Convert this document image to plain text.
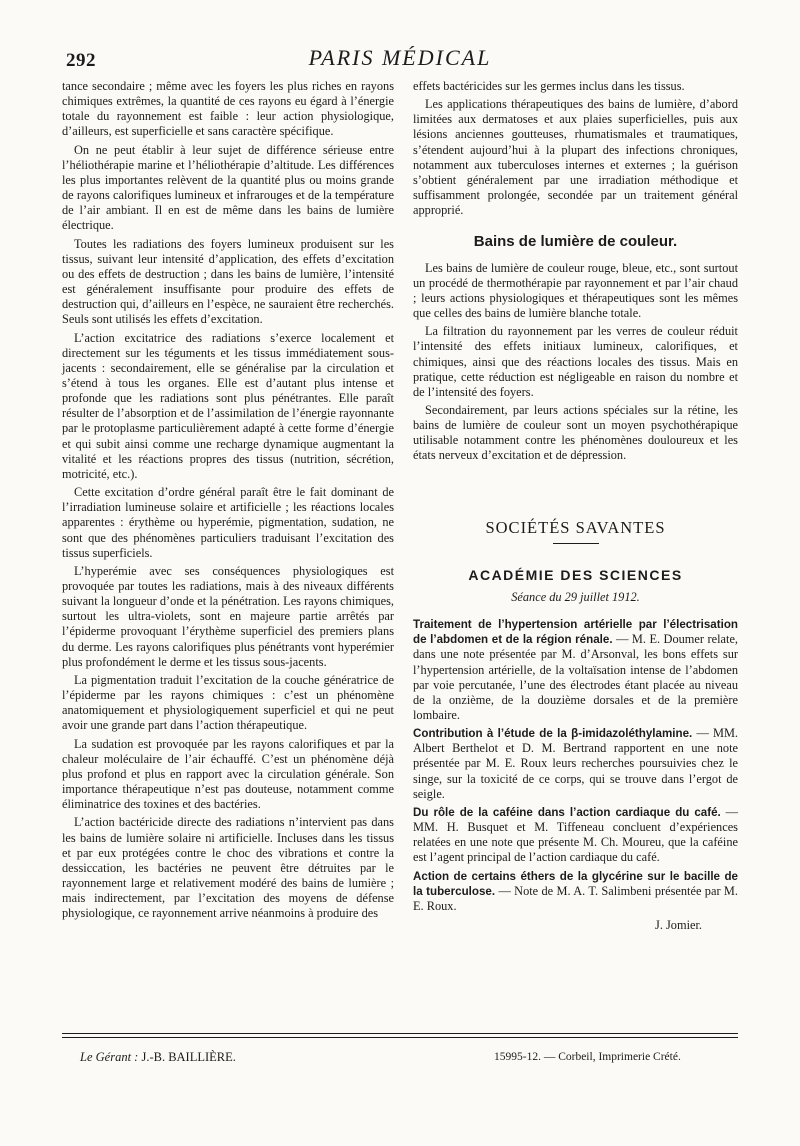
292	PARIS MÉDICAL

tance secondaire ; même avec les foyers les plus riches en rayons chimiques extrêmes, la quantité de ces rayons eu égard à l’énergie totale du rayonnement est faible : leur action physiologique, d’ailleurs, est superficielle et sans caractère spécifique.

On ne peut établir à leur sujet de différence sérieuse entre l’héliothérapie marine et l’héliothérapie d’altitude. Les différences les plus importantes relèvent de la quantité plus ou moins grande de rayons calorifiques lumineux et infrarouges et de la température de l’air ambiant. Il en est de même dans les bains de lumière électrique.

Toutes les radiations des foyers lumineux produisent sur les tissus, suivant leur intensité d’application, des effets d’excitation ou des effets de destruction ; dans les bains de lumière, l’intensité est généralement insuffisante pour produire des effets de destruction qui, d’ailleurs en l’espèce, ne sauraient être recherchés. Seuls sont utilisés les effets d’excitation.

L’action excitatrice des radiations s’exerce localement et directement sur les téguments et les tissus immédiatement sous-jacents : secondairement, elle se généralise par la circulation et s’étend à tous les organes. Elle est d’autant plus intense et profonde que les radiations sont plus pénétrantes. Elle paraît résulter de l’absorption et de l’assimilation de l’énergie rayonnante par le protoplasme particulièrement adapté à cette forme d’énergie et qui subit ainsi comme une recharge dynamique augmentant la vitalité et les réactions propres des tissus (nutrition, sécrétion, motricité, etc.).

Cette excitation d’ordre général paraît être le fait dominant de l’irradiation lumineuse solaire et artificielle ; les réactions locales apparentes : érythème ou hyperémie, pigmentation, sudation, ne sont que des phénomènes particuliers traduisant l’excitation des tissus superficiels.

L’hyperémie avec ses conséquences physiologiques est provoquée par toutes les radiations, mais à des niveaux différents suivant la longueur d’onde et la pénétration. Les rayons chimiques, surtout les ultra-violets, sont en majeure partie arrêtés par l’épiderme provoquant l’érythème superficiel des premiers plans du derme. Les rayons calorifiques plus pénétrants vont hyperémier plus profondément le derme et les tissus sous-jacents.

La pigmentation traduit l’excitation de la couche génératrice de l’épiderme par les rayons chimiques : c’est un phénomène anatomiquement et physiologiquement superficiel et qui ne peut avoir une grande part dans l’action thérapeutique.

La sudation est provoquée par les rayons calorifiques et par la chaleur moléculaire de l’air échauffé. C’est un phénomène déjà plus profond et plus en rapport avec la circulation générale. Son importance thérapeutique n’est pas douteuse, notamment comme éliminatrice des toxines et des bactéries.

L’action bactéricide directe des radiations n’intervient pas dans les bains de lumière solaire ni artificielle. Incluses dans les tissus et par eux protégées contre le choc des vibrations et contre la dessiccation, les bactéries ne peuvent être détruites par le rayonnement large et relativement modéré des bains de lumière ; mais indirectement, par l’excitation des moyens de défense physiologique, ce rayonnement arrive néanmoins à produire des

effets bactéricides sur les germes inclus dans les tissus.

Les applications thérapeutiques des bains de lumière, d’abord limitées aux dermatoses et aux plaies superficielles, puis aux lésions anciennes goutteuses, rhumatismales et traumatiques, s’étendent aujourd’hui à la plupart des infections chroniques, notamment aux tuberculoses internes et externes ; la guérison s’obtient généralement par une irradiation méthodique et suffisamment prolongée, secondée par un traitement général approprié.

Bains de lumière de couleur.

Les bains de lumière de couleur rouge, bleue, etc., sont surtout un procédé de thermothérapie par rayonnement et par l’air chaud ; leurs actions physiologiques et thérapeutiques sont les mêmes que celles des bains de lumière blanche totale.

La filtration du rayonnement par les verres de couleur réduit l’intensité des effets initiaux lumineux, calorifiques, et chimiques, ainsi que des réactions locales des tissus. Mais en pratique, cette réduction est négligeable en raison du nombre et de l’intensité des foyers.

Secondairement, par leurs actions spéciales sur la rétine, les bains de lumière de couleur sont un moyen psychothérapique utilisable notamment contre les phénomènes douloureux et les états nerveux d’excitation et de dépression.

SOCIÉTÉS SAVANTES
ACADÉMIE DES SCIENCES
Séance du 29 juillet 1912.

Traitement de l’hypertension artérielle par l’électrisation de l’abdomen et de la région rénale. — M. E. Doumer relate, dans une note présentée par M. d’Arsonval, les bons effets sur l’hypertension artérielle, de la voltaïsation intense de l’abdomen par voie percutanée, l’une des électrodes étant placée au niveau de la onzième, de la douzième dorsales et de la première lombaire.

Contribution à l’étude de la β-imidazoléthylamine. — MM. Albert Berthelot et D. M. Bertrand rapportent en une note présentée par M. E. Roux leurs recherches poursuivies chez le singe, sur la toxicité de ce corps, qui se trouve dans l’ergot de seigle.

Du rôle de la caféine dans l’action cardiaque du café. — MM. H. Busquet et M. Tiffeneau concluent d’expériences relatées en une note que présente M. Ch. Moureu, que la caféine est l’agent principal de l’action cardiaque du café.

Action de certains éthers de la glycérine sur le bacille de la tuberculose. — Note de M. A. T. Salimbeni présentée par M. E. Roux.

J. Jomier.
Le Gérant : J.-B. BAILLIÈRE.	15995-12. — Corbeil, Imprimerie Crété.
